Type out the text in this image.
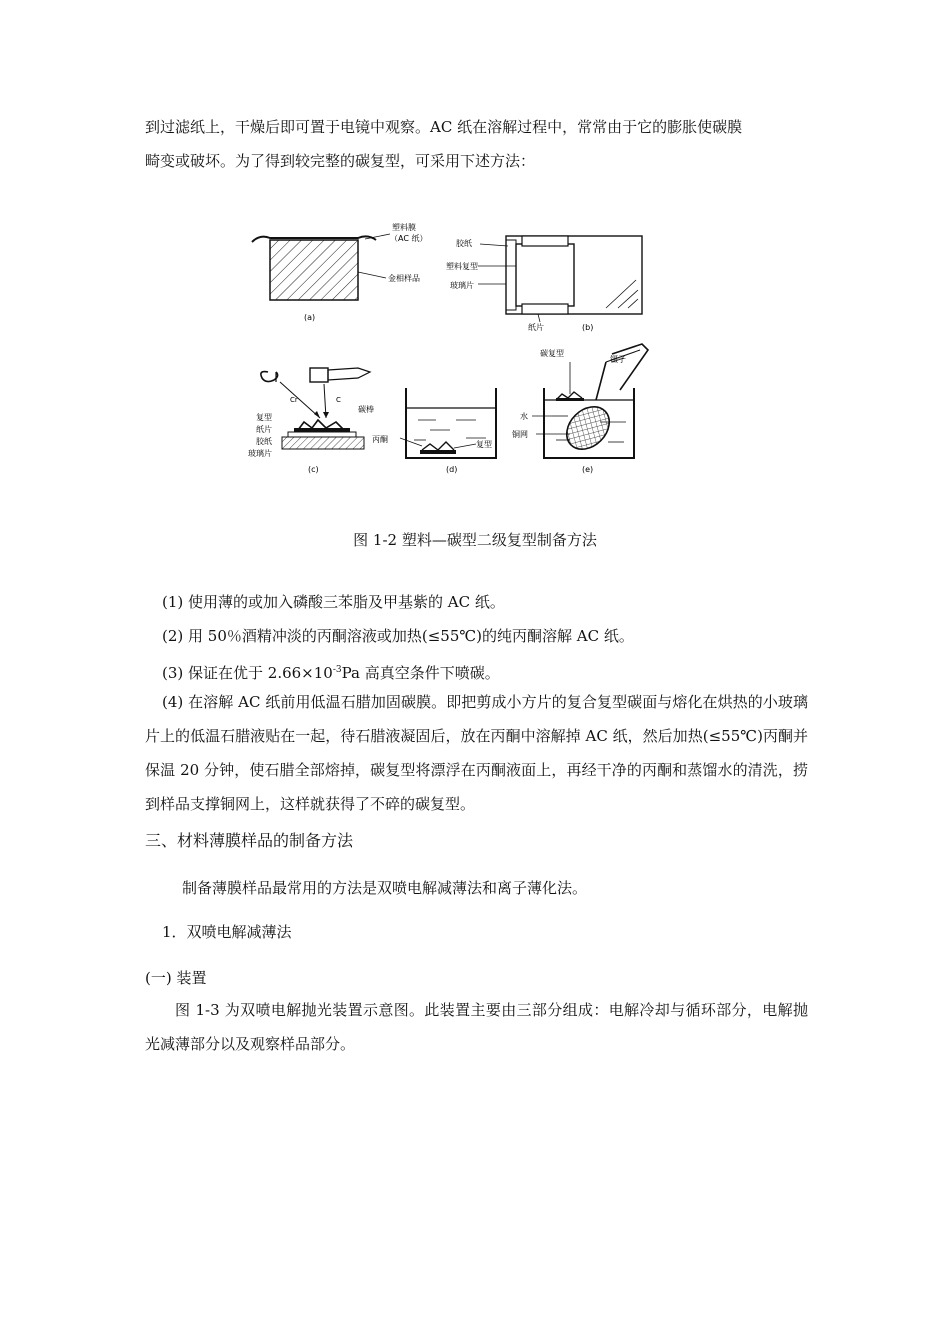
到过滤纸上，干燥后即可置于电镜中观察。AC 纸在溶解过程中，常常由于它的膨胀使碳膜

畸变或破坏。为了得到较完整的碳复型，可采用下述方法：

塑料膜
（AC 纸）
金相样品
(a)
胶纸
塑料复型
玻璃片
纸片	(b)
Cr	C
碳棒
复型
纸片
胶纸
玻璃片
(c)
丙酮
复型
(d)
碳复型
镊子
水
铜网
(e)
图 1-2 塑料—碳型二级复型制备方法

(1) 使用薄的或加入磷酸三苯脂及甲基紫的 AC 纸。

(2) 用 50％酒精冲淡的丙酮溶液或加热(≤55℃)的纯丙酮溶解 AC 纸。

(3) 保证在优于 $2.66\times 10^{-3}Pa$ 高真空条件下喷碳。

(4) 在溶解 AC 纸前用低温石腊加固碳膜。即把剪成小方片的复合复型碳面与熔化在烘热的小玻璃片上的低温石腊液贴在一起，待石腊液凝固后，放在丙酮中溶解掉 AC 纸，然后加热(≤55℃)丙酮并保温 20 分钟，使石腊全部熔掉，碳复型将漂浮在丙酮液面上，再经干净的丙酮和蒸馏水的清洗，捞到样品支撑铜网上，这样就获得了不碎的碳复型。

三、材料薄膜样品的制备方法

制备薄膜样品最常用的方法是双喷电解减薄法和离子薄化法。

1．双喷电解减薄法

(一) 装置

图 1-3 为双喷电解抛光装置示意图。此装置主要由三部分组成：电解冷却与循环部分，电解抛光减薄部分以及观察样品部分。
